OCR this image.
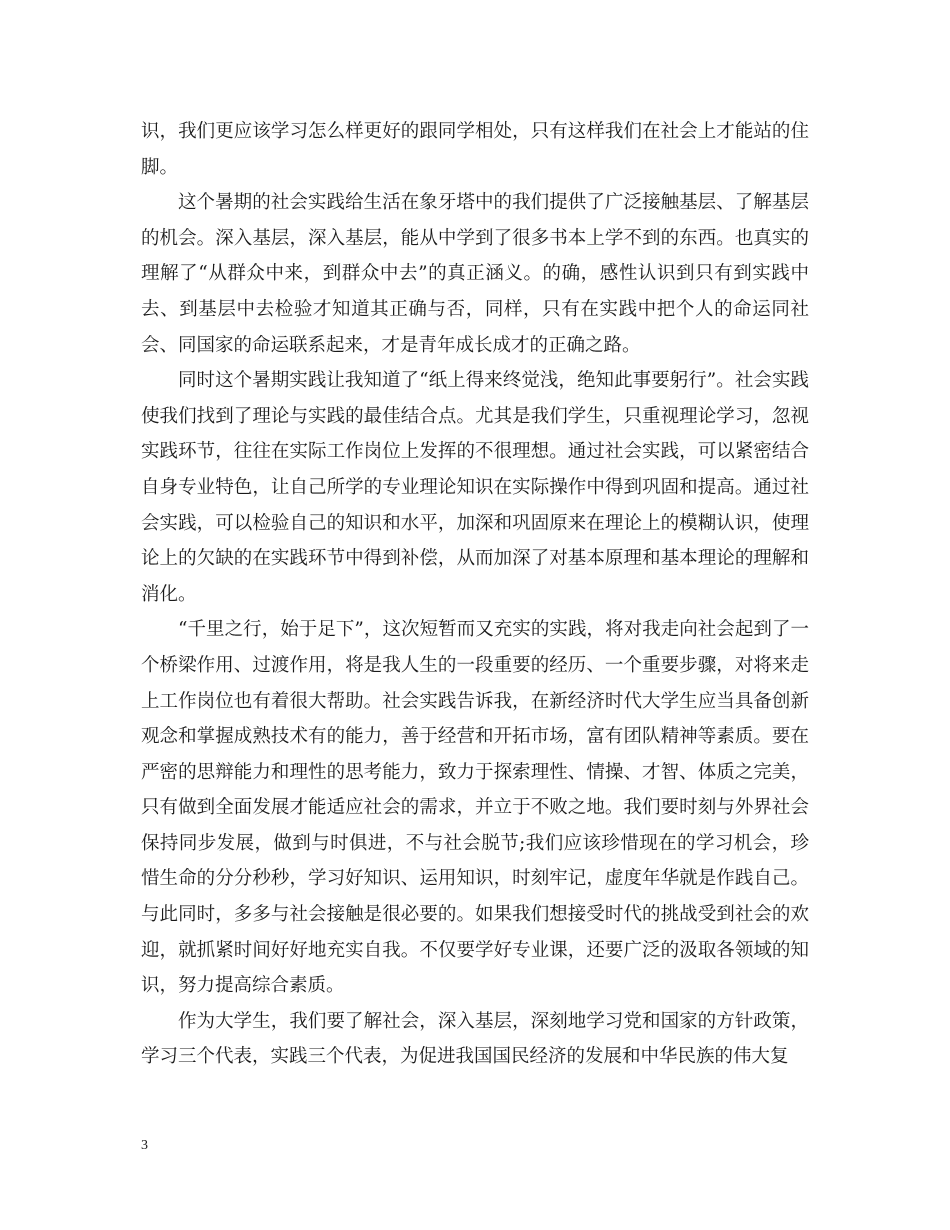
识，我们更应该学习怎么样更好的跟同学相处，只有这样我们在社会上才能站的住脚。

这个暑期的社会实践给生活在象牙塔中的我们提供了广泛接触基层、了解基层的机会。深入基层，深入基层，能从中学到了很多书本上学不到的东西。也真实的理解了“从群众中来，到群众中去”的真正涵义。的确，感性认识到只有到实践中去、到基层中去检验才知道其正确与否，同样，只有在实践中把个人的命运同社会、同国家的命运联系起来，才是青年成长成才的正确之路。

同时这个暑期实践让我知道了“纸上得来终觉浅，绝知此事要躬行”。社会实践使我们找到了理论与实践的最佳结合点。尤其是我们学生，只重视理论学习，忽视实践环节，往往在实际工作岗位上发挥的不很理想。通过社会实践，可以紧密结合自身专业特色，让自己所学的专业理论知识在实际操作中得到巩固和提高。通过社会实践，可以检验自己的知识和水平，加深和巩固原来在理论上的模糊认识，使理论上的欠缺的在实践环节中得到补偿，从而加深了对基本原理和基本理论的理解和消化。

“千里之行，始于足下”，这次短暂而又充实的实践，将对我走向社会起到了一个桥梁作用、过渡作用，将是我人生的一段重要的经历、一个重要步骤，对将来走上工作岗位也有着很大帮助。社会实践告诉我，在新经济时代大学生应当具备创新观念和掌握成熟技术有的能力，善于经营和开拓市场，富有团队精神等素质。要在严密的思辩能力和理性的思考能力，致力于探索理性、情操、才智、体质之完美，只有做到全面发展才能适应社会的需求，并立于不败之地。我们要时刻与外界社会保持同步发展，做到与时俱进，不与社会脱节;我们应该珍惜现在的学习机会，珍惜生命的分分秒秒，学习好知识、运用知识，时刻牢记，虚度年华就是作践自己。与此同时，多多与社会接触是很必要的。如果我们想接受时代的挑战受到社会的欢迎，就抓紧时间好好地充实自我。不仅要学好专业课，还要广泛的汲取各领域的知识，努力提高综合素质。

作为大学生，我们要了解社会，深入基层，深刻地学习党和国家的方针政策，学习三个代表，实践三个代表，为促进我国国民经济的发展和中华民族的伟大复

3
